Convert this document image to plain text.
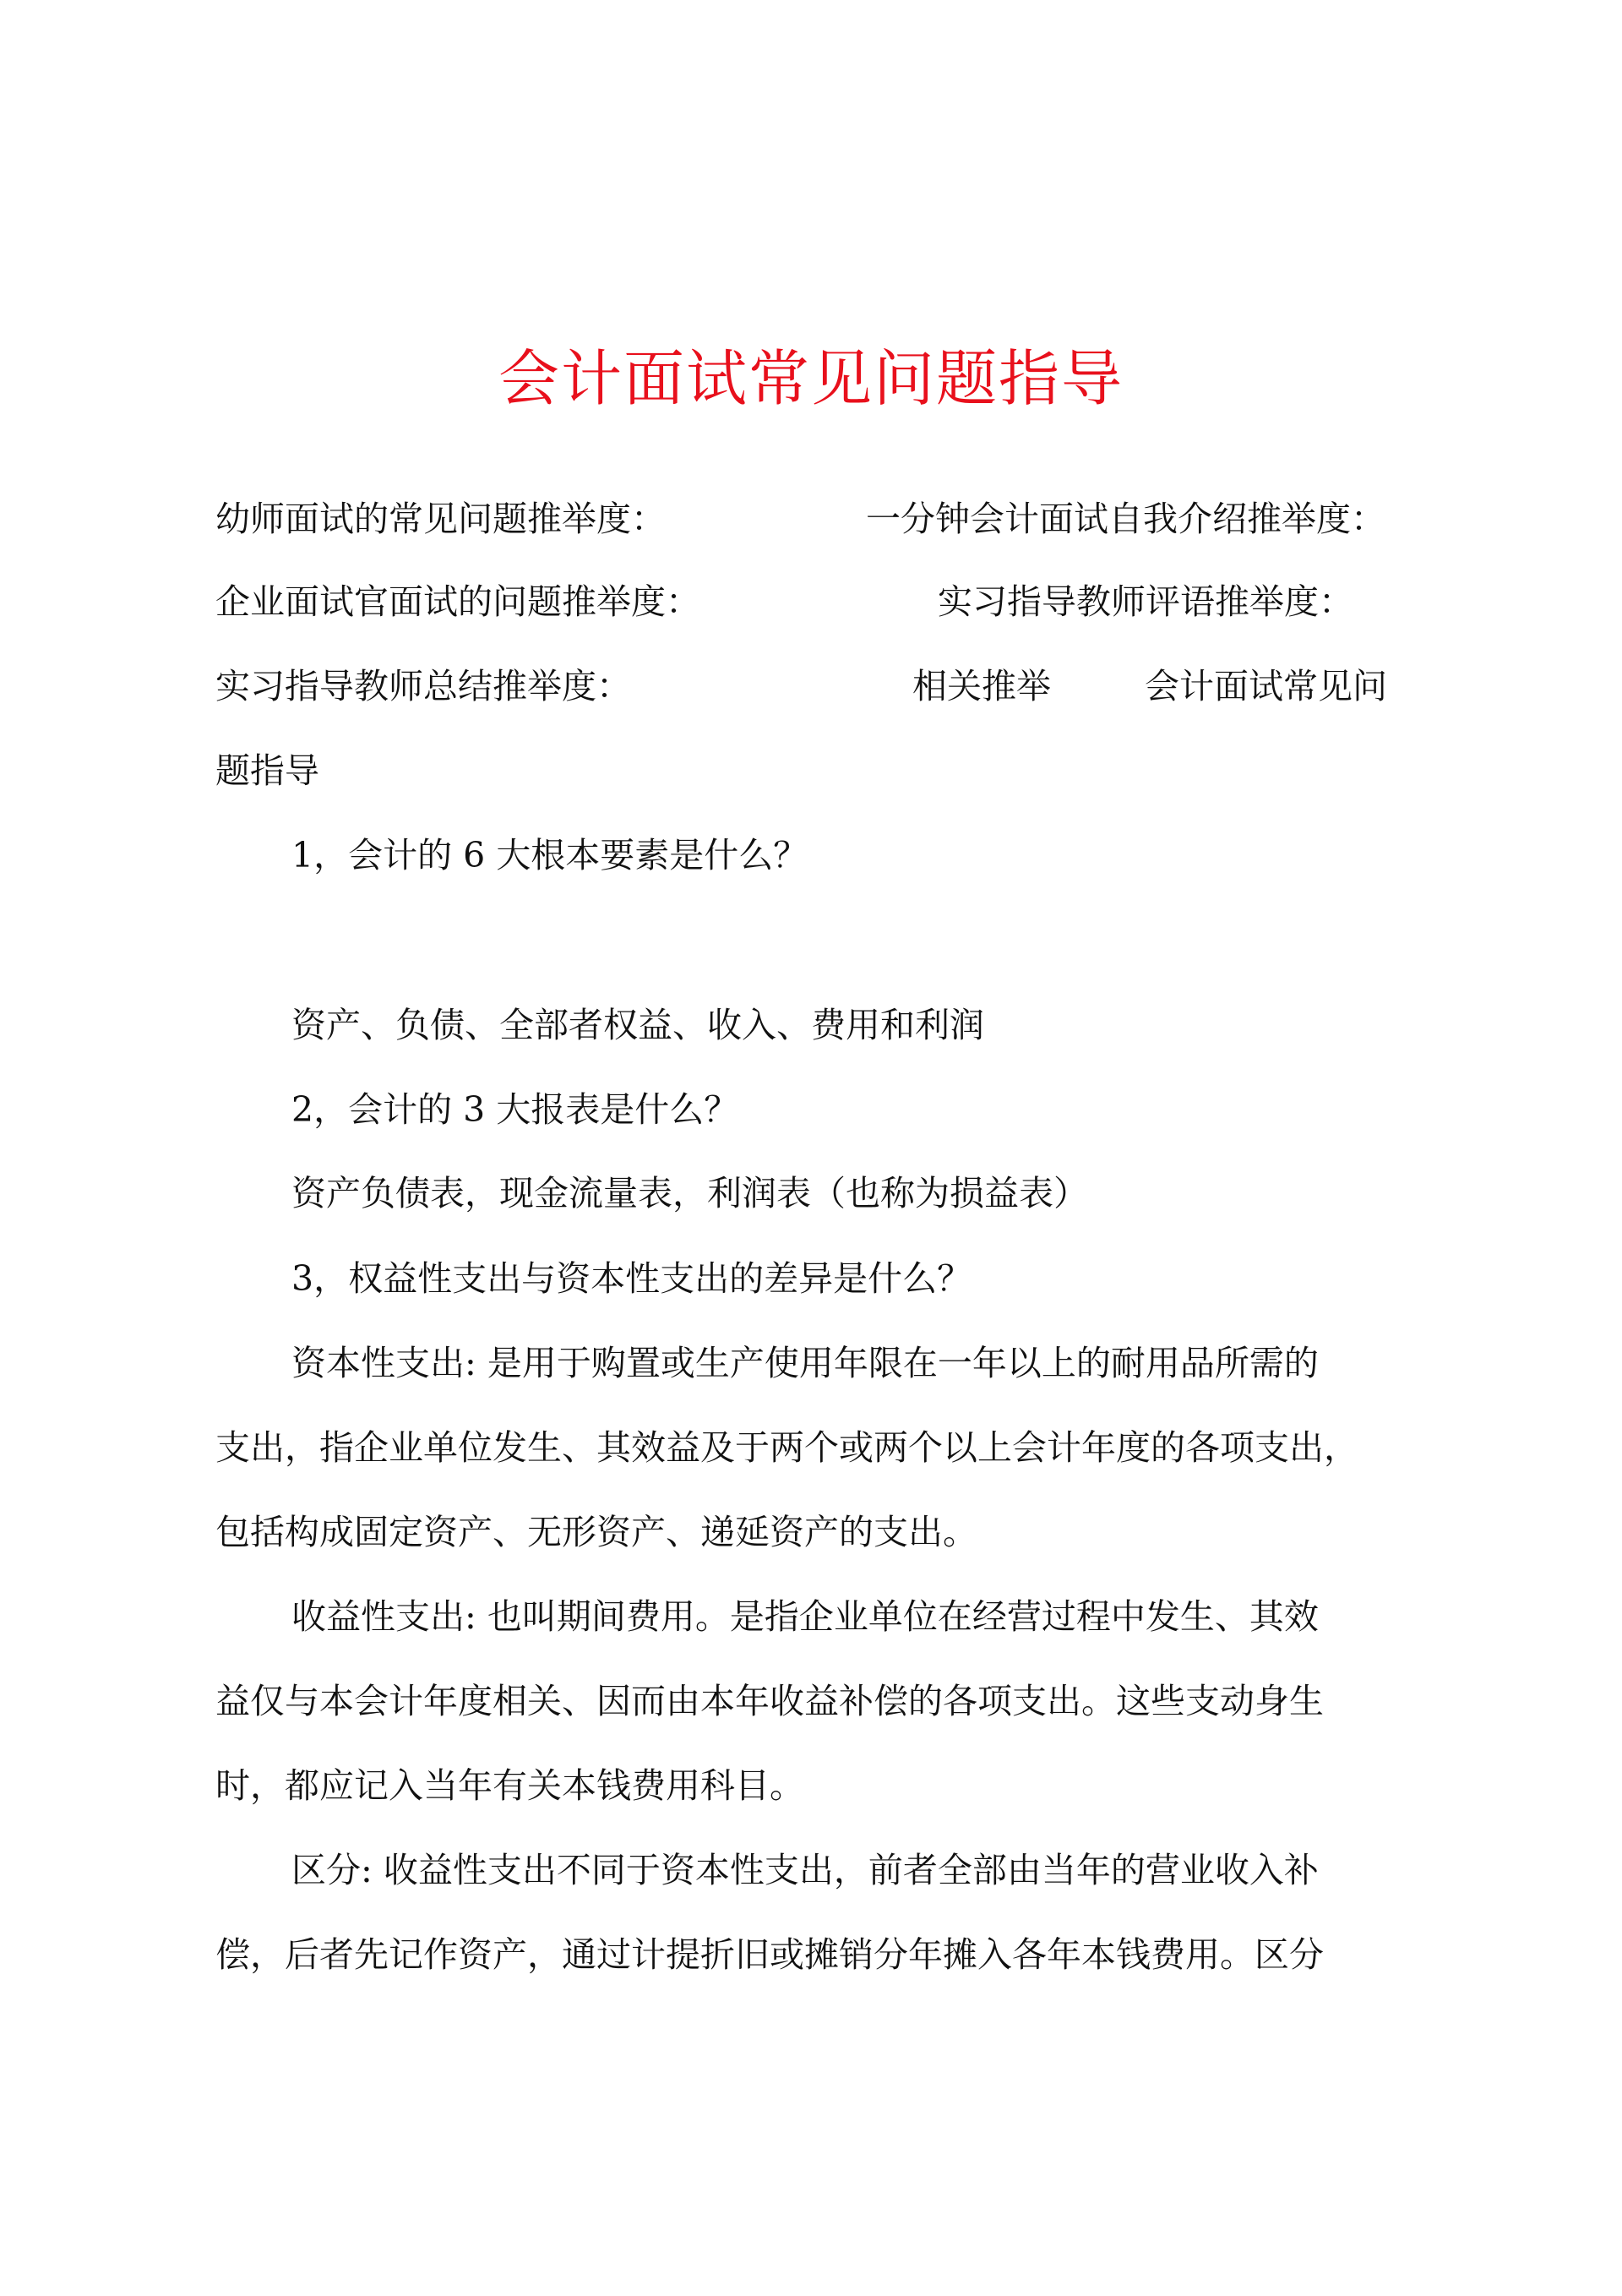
会计面试常见问题指导
幼师面试的常见问题推举度：	一分钟会计面试自我介绍推举度：
企业面试官面试的问题推举度：	实习指导教师评语推举度：
实习指导教师总结推举度：	相关推举	会计面试常见问
题指导
1，会计的 6 大根本要素是什么？
资产、负债、全部者权益、收入、费用和利润
2，会计的 3 大报表是什么？
资产负债表，现金流量表，利润表（也称为损益表）
3，权益性支出与资本性支出的差异是什么？
资本性支出: 是用于购置或生产使用年限在一年以上的耐用品所需的
支出，指企业单位发生、其效益及于两个或两个以上会计年度的各项支出，
包括构成固定资产、无形资产、递延资产的支出。
收益性支出: 也叫期间费用。是指企业单位在经营过程中发生、其效
益仅与本会计年度相关、因而由本年收益补偿的各项支出。这些支动身生
时，都应记入当年有关本钱费用科目。
区分: 收益性支出不同于资本性支出，前者全部由当年的营业收入补
偿，后者先记作资产，通过计提折旧或摊销分年摊入各年本钱费用。区分
